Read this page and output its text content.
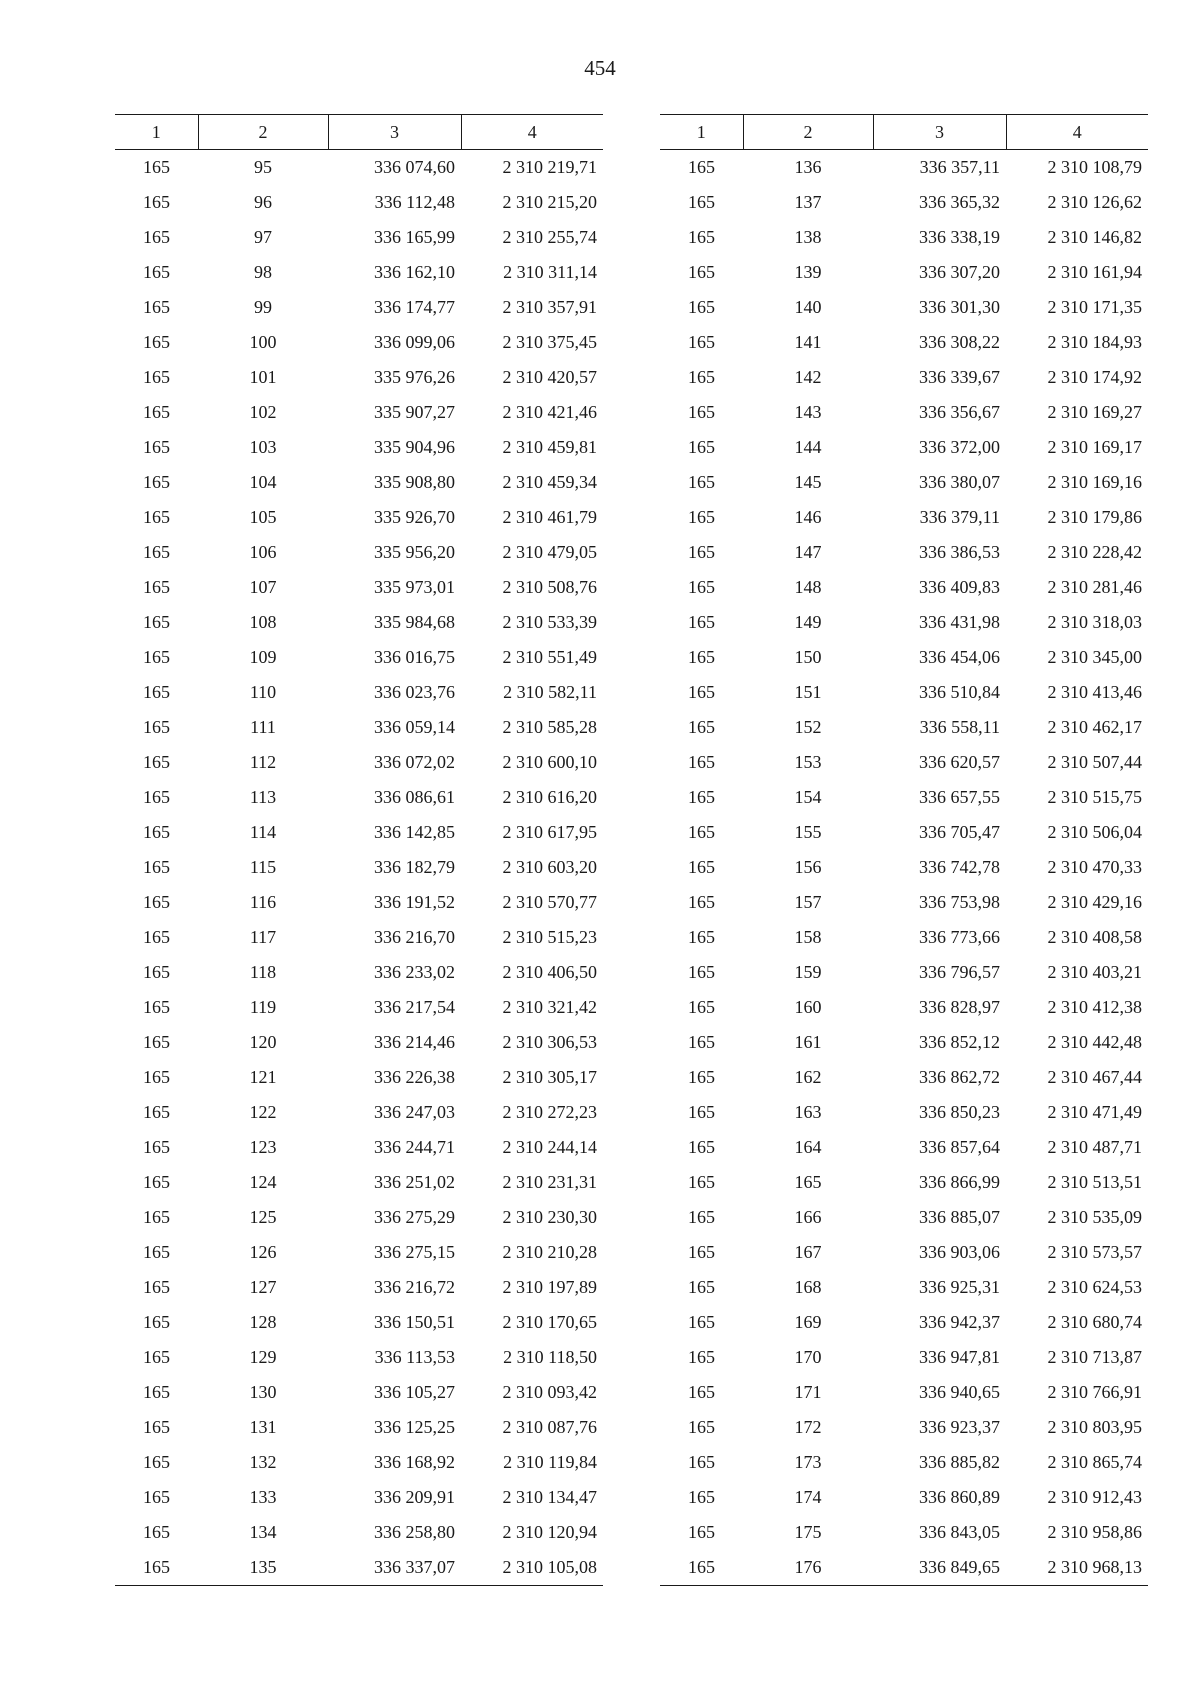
454
1	2	3	4
165	95	336 074,60	2 310 219,71
165	96	336 112,48	2 310 215,20
165	97	336 165,99	2 310 255,74
165	98	336 162,10	2 310 311,14
165	99	336 174,77	2 310 357,91
165	100	336 099,06	2 310 375,45
165	101	335 976,26	2 310 420,57
165	102	335 907,27	2 310 421,46
165	103	335 904,96	2 310 459,81
165	104	335 908,80	2 310 459,34
165	105	335 926,70	2 310 461,79
165	106	335 956,20	2 310 479,05
165	107	335 973,01	2 310 508,76
165	108	335 984,68	2 310 533,39
165	109	336 016,75	2 310 551,49
165	110	336 023,76	2 310 582,11
165	111	336 059,14	2 310 585,28
165	112	336 072,02	2 310 600,10
165	113	336 086,61	2 310 616,20
165	114	336 142,85	2 310 617,95
165	115	336 182,79	2 310 603,20
165	116	336 191,52	2 310 570,77
165	117	336 216,70	2 310 515,23
165	118	336 233,02	2 310 406,50
165	119	336 217,54	2 310 321,42
165	120	336 214,46	2 310 306,53
165	121	336 226,38	2 310 305,17
165	122	336 247,03	2 310 272,23
165	123	336 244,71	2 310 244,14
165	124	336 251,02	2 310 231,31
165	125	336 275,29	2 310 230,30
165	126	336 275,15	2 310 210,28
165	127	336 216,72	2 310 197,89
165	128	336 150,51	2 310 170,65
165	129	336 113,53	2 310 118,50
165	130	336 105,27	2 310 093,42
165	131	336 125,25	2 310 087,76
165	132	336 168,92	2 310 119,84
165	133	336 209,91	2 310 134,47
165	134	336 258,80	2 310 120,94
165	135	336 337,07	2 310 105,08
1	2	3	4
165	136	336 357,11	2 310 108,79
165	137	336 365,32	2 310 126,62
165	138	336 338,19	2 310 146,82
165	139	336 307,20	2 310 161,94
165	140	336 301,30	2 310 171,35
165	141	336 308,22	2 310 184,93
165	142	336 339,67	2 310 174,92
165	143	336 356,67	2 310 169,27
165	144	336 372,00	2 310 169,17
165	145	336 380,07	2 310 169,16
165	146	336 379,11	2 310 179,86
165	147	336 386,53	2 310 228,42
165	148	336 409,83	2 310 281,46
165	149	336 431,98	2 310 318,03
165	150	336 454,06	2 310 345,00
165	151	336 510,84	2 310 413,46
165	152	336 558,11	2 310 462,17
165	153	336 620,57	2 310 507,44
165	154	336 657,55	2 310 515,75
165	155	336 705,47	2 310 506,04
165	156	336 742,78	2 310 470,33
165	157	336 753,98	2 310 429,16
165	158	336 773,66	2 310 408,58
165	159	336 796,57	2 310 403,21
165	160	336 828,97	2 310 412,38
165	161	336 852,12	2 310 442,48
165	162	336 862,72	2 310 467,44
165	163	336 850,23	2 310 471,49
165	164	336 857,64	2 310 487,71
165	165	336 866,99	2 310 513,51
165	166	336 885,07	2 310 535,09
165	167	336 903,06	2 310 573,57
165	168	336 925,31	2 310 624,53
165	169	336 942,37	2 310 680,74
165	170	336 947,81	2 310 713,87
165	171	336 940,65	2 310 766,91
165	172	336 923,37	2 310 803,95
165	173	336 885,82	2 310 865,74
165	174	336 860,89	2 310 912,43
165	175	336 843,05	2 310 958,86
165	176	336 849,65	2 310 968,13
